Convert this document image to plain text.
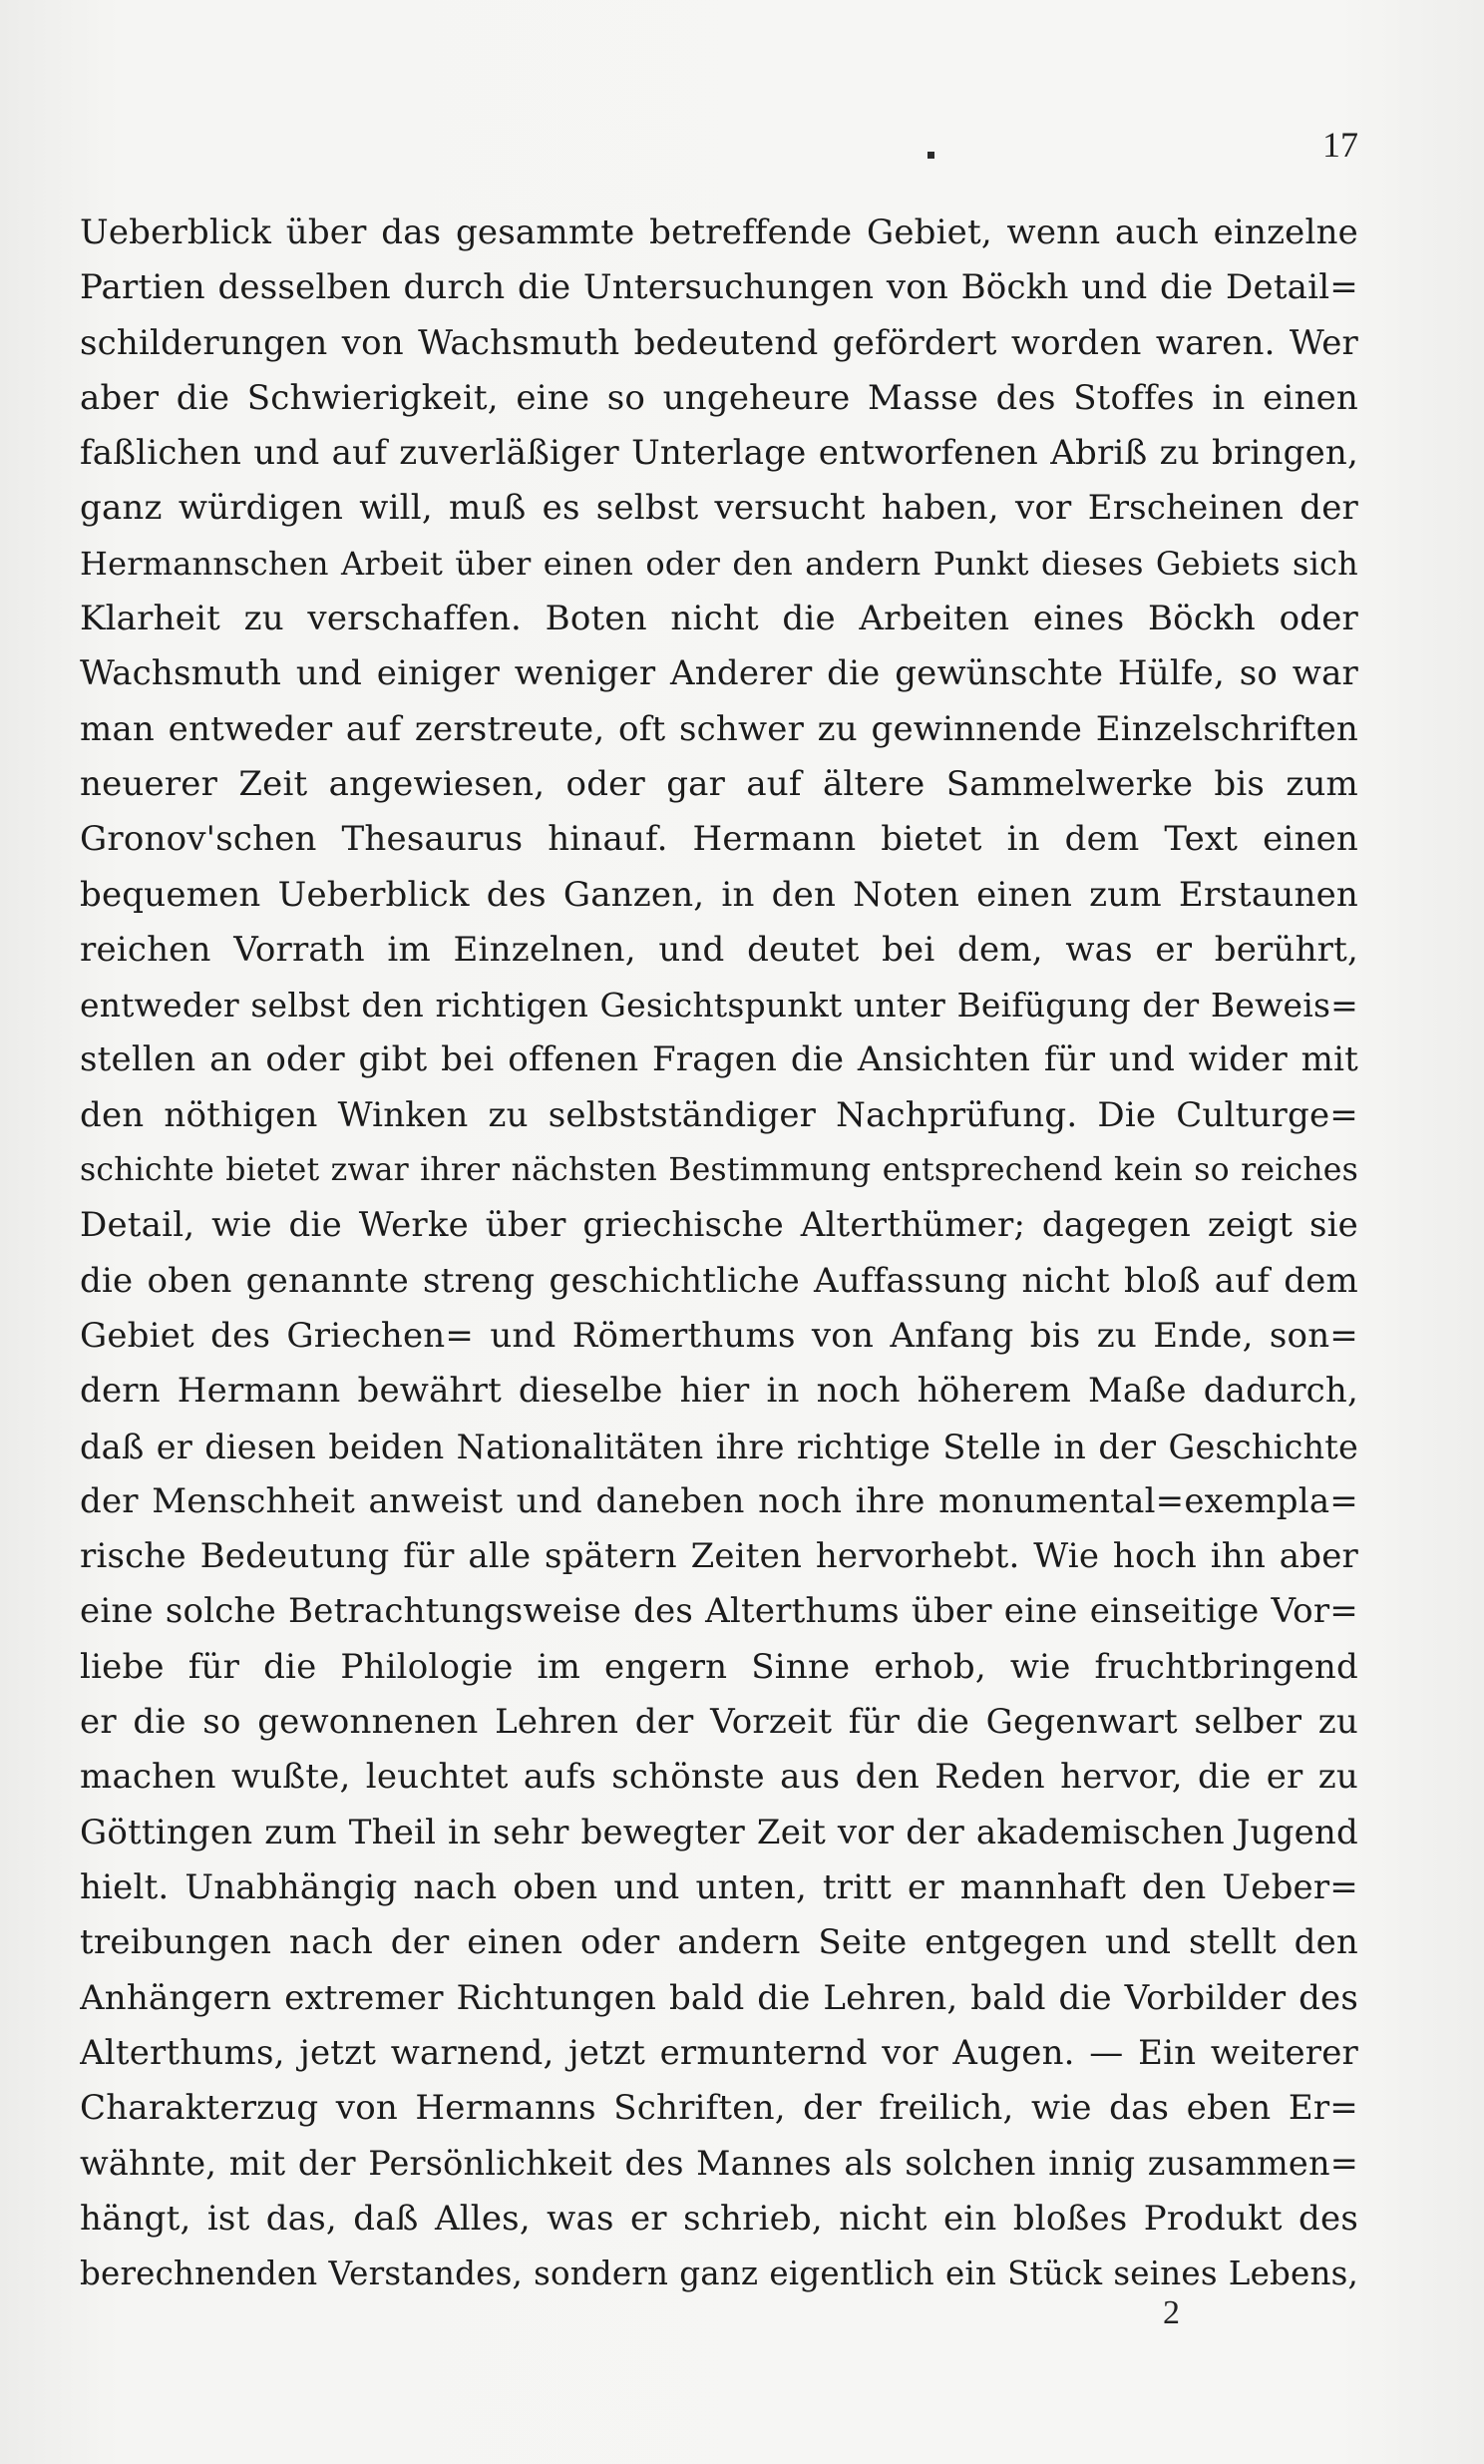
17
Ueberblick über das gesammte betreffende Gebiet, wenn auch einzelne
Partien desselben durch die Untersuchungen von Böckh und die Detail=
schilderungen von Wachsmuth bedeutend gefördert worden waren. Wer
aber die Schwierigkeit, eine so ungeheure Masse des Stoffes in einen
faßlichen und auf zuverläßiger Unterlage entworfenen Abriß zu bringen,
ganz würdigen will, muß es selbst versucht haben, vor Erscheinen der
Hermannschen Arbeit über einen oder den andern Punkt dieses Gebiets sich
Klarheit zu verschaffen. Boten nicht die Arbeiten eines Böckh oder
Wachsmuth und einiger weniger Anderer die gewünschte Hülfe, so war
man entweder auf zerstreute, oft schwer zu gewinnende Einzelschriften
neuerer Zeit angewiesen, oder gar auf ältere Sammelwerke bis zum
Gronov'schen Thesaurus hinauf. Hermann bietet in dem Text einen
bequemen Ueberblick des Ganzen, in den Noten einen zum Erstaunen
reichen Vorrath im Einzelnen, und deutet bei dem, was er berührt,
entweder selbst den richtigen Gesichtspunkt unter Beifügung der Beweis=
stellen an oder gibt bei offenen Fragen die Ansichten für und wider mit
den nöthigen Winken zu selbstständiger Nachprüfung. Die Culturge=
schichte bietet zwar ihrer nächsten Bestimmung entsprechend kein so reiches
Detail, wie die Werke über griechische Alterthümer; dagegen zeigt sie
die oben genannte streng geschichtliche Auffassung nicht bloß auf dem
Gebiet des Griechen= und Römerthums von Anfang bis zu Ende, son=
dern Hermann bewährt dieselbe hier in noch höherem Maße dadurch,
daß er diesen beiden Nationalitäten ihre richtige Stelle in der Geschichte
der Menschheit anweist und daneben noch ihre monumental=exempla=
rische Bedeutung für alle spätern Zeiten hervorhebt. Wie hoch ihn aber
eine solche Betrachtungsweise des Alterthums über eine einseitige Vor=
liebe für die Philologie im engern Sinne erhob, wie fruchtbringend
er die so gewonnenen Lehren der Vorzeit für die Gegenwart selber zu
machen wußte, leuchtet aufs schönste aus den Reden hervor, die er zu
Göttingen zum Theil in sehr bewegter Zeit vor der akademischen Jugend
hielt. Unabhängig nach oben und unten, tritt er mannhaft den Ueber=
treibungen nach der einen oder andern Seite entgegen und stellt den
Anhängern extremer Richtungen bald die Lehren, bald die Vorbilder des
Alterthums, jetzt warnend, jetzt ermunternd vor Augen. — Ein weiterer
Charakterzug von Hermanns Schriften, der freilich, wie das eben Er=
wähnte, mit der Persönlichkeit des Mannes als solchen innig zusammen=
hängt, ist das, daß Alles, was er schrieb, nicht ein bloßes Produkt des
berechnenden Verstandes, sondern ganz eigentlich ein Stück seines Lebens,
2
